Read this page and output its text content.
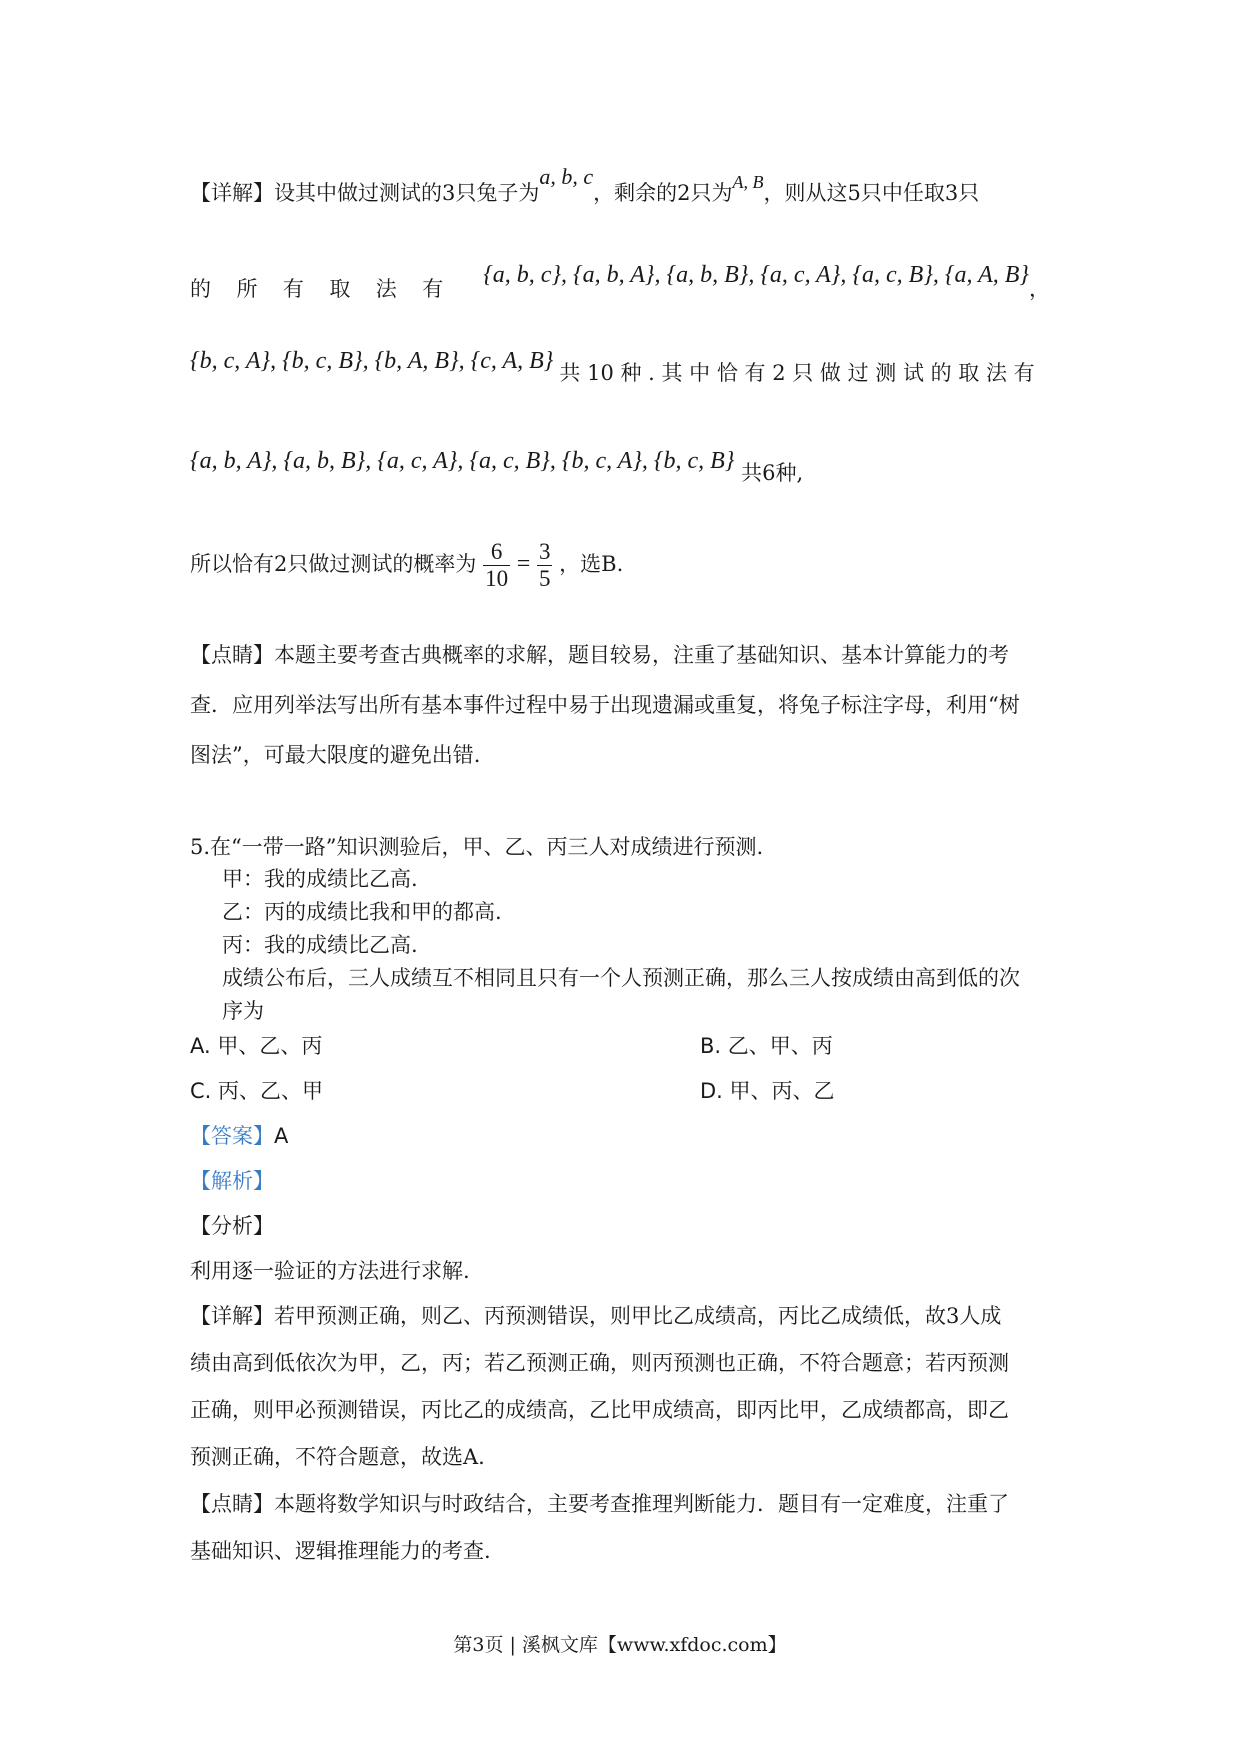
【详解】设其中做过测试的3只兔子为a, b, c，剩余的2只为A, B，则从这5只中任取3只
的 所 有 取 法 有
{a, b, c}, {a, b, A}, {a, b, B}, {a, c, A}, {a, c, B}, {a, A, B}
，
{b, c, A}, {b, c, B}, {b, A, B}, {c, A, B} 共 10 种 . 其 中 恰 有 2 只 做 过 测 试 的 取 法 有
{a, b, A}, {a, b, B}, {a, c, A}, {a, c, B}, {b, c, A}, {b, c, B} 共6种,
所以恰有2只做过测试的概率为 $\frac{6}{10} = \frac{3}{5}$ ，选B.
【点睛】本题主要考查古典概率的求解，题目较易，注重了基础知识、基本计算能力的考
查．应用列举法写出所有基本事件过程中易于出现遗漏或重复，将兔子标注字母，利用“树
图法”，可最大限度的避免出错.
5.在“一带一路”知识测验后，甲、乙、丙三人对成绩进行预测.
甲：我的成绩比乙高.
乙：丙的成绩比我和甲的都高.
丙：我的成绩比乙高.
成绩公布后，三人成绩互不相同且只有一个人预测正确，那么三人按成绩由高到低的次
序为
A. 甲、乙、丙	B. 乙、甲、丙
C. 丙、乙、甲	D. 甲、丙、乙
【答案】A
【解析】
【分析】
利用逐一验证的方法进行求解.
【详解】若甲预测正确，则乙、丙预测错误，则甲比乙成绩高，丙比乙成绩低，故3人成
绩由高到低依次为甲，乙，丙；若乙预测正确，则丙预测也正确，不符合题意；若丙预测
正确，则甲必预测错误，丙比乙的成绩高，乙比甲成绩高，即丙比甲，乙成绩都高，即乙
预测正确，不符合题意，故选A.
【点睛】本题将数学知识与时政结合，主要考查推理判断能力．题目有一定难度，注重了
基础知识、逻辑推理能力的考查.
第3页 | 溪枫文库【www.xfdoc.com】
